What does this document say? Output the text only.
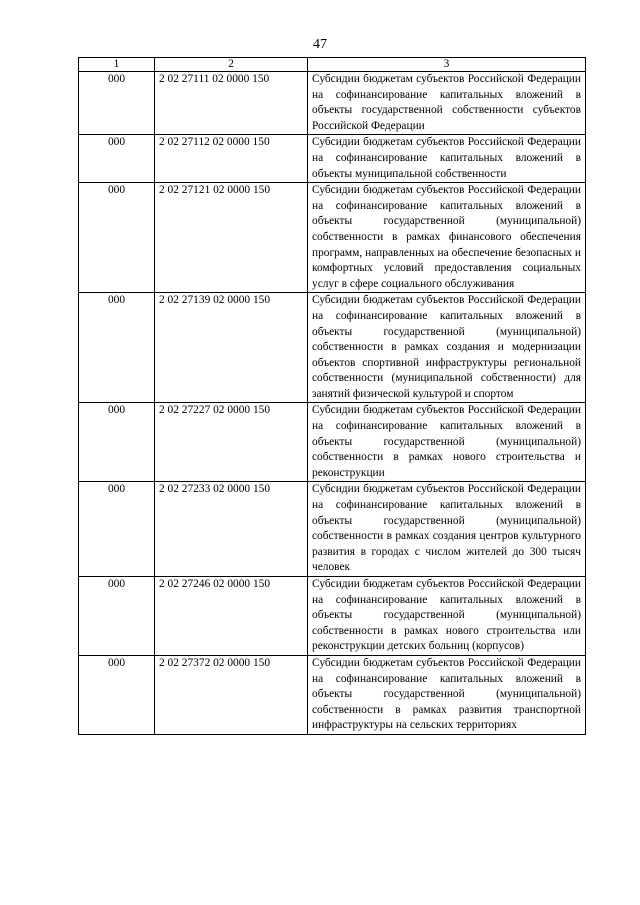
47
1	2	3
000	2 02 27111 02 0000 150	Субсидии бюджетам субъектов Российской Федерации на софинансирование капитальных вложений в объекты государственной собственности субъектов Российской Федерации
000	2 02 27112 02 0000 150	Субсидии бюджетам субъектов Российской Федерации на софинансирование капитальных вложений в объекты муниципальной собственности
000	2 02 27121 02 0000 150	Субсидии бюджетам субъектов Российской Федерации на софинансирование капитальных вложений в объекты государственной (муниципальной) собственности в рамках финансового обеспечения программ, направленных на обеспечение безопасных и комфортных условий предоставления социальных услуг в сфере социального обслуживания
000	2 02 27139 02 0000 150	Субсидии бюджетам субъектов Российской Федерации на софинансирование капитальных вложений в объекты государственной (муниципальной) собственности в рамках создания и модернизации объектов спортивной инфраструктуры региональной собственности (муниципальной собственности) для занятий физической культурой и спортом
000	2 02 27227 02 0000 150	Субсидии бюджетам субъектов Российской Федерации на софинансирование капитальных вложений в объекты государственной (муниципальной) собственности в рамках нового строительства и реконструкции
000	2 02 27233 02 0000 150	Субсидии бюджетам субъектов Российской Федерации на софинансирование капитальных вложений в объекты государственной (муниципальной) собственности в рамках создания центров культурного развития в городах с числом жителей до 300 тысяч человек
000	2 02 27246 02 0000 150	Субсидии бюджетам субъектов Российской Федерации на софинансирование капитальных вложений в объекты государственной (муниципальной) собственности в рамках нового строительства или реконструкции детских больниц (корпусов)
000	2 02 27372 02 0000 150	Субсидии бюджетам субъектов Российской Федерации на софинансирование капитальных вложений в объекты государственной (муниципальной) собственности в рамках развития транспортной инфраструктуры на сельских территориях
